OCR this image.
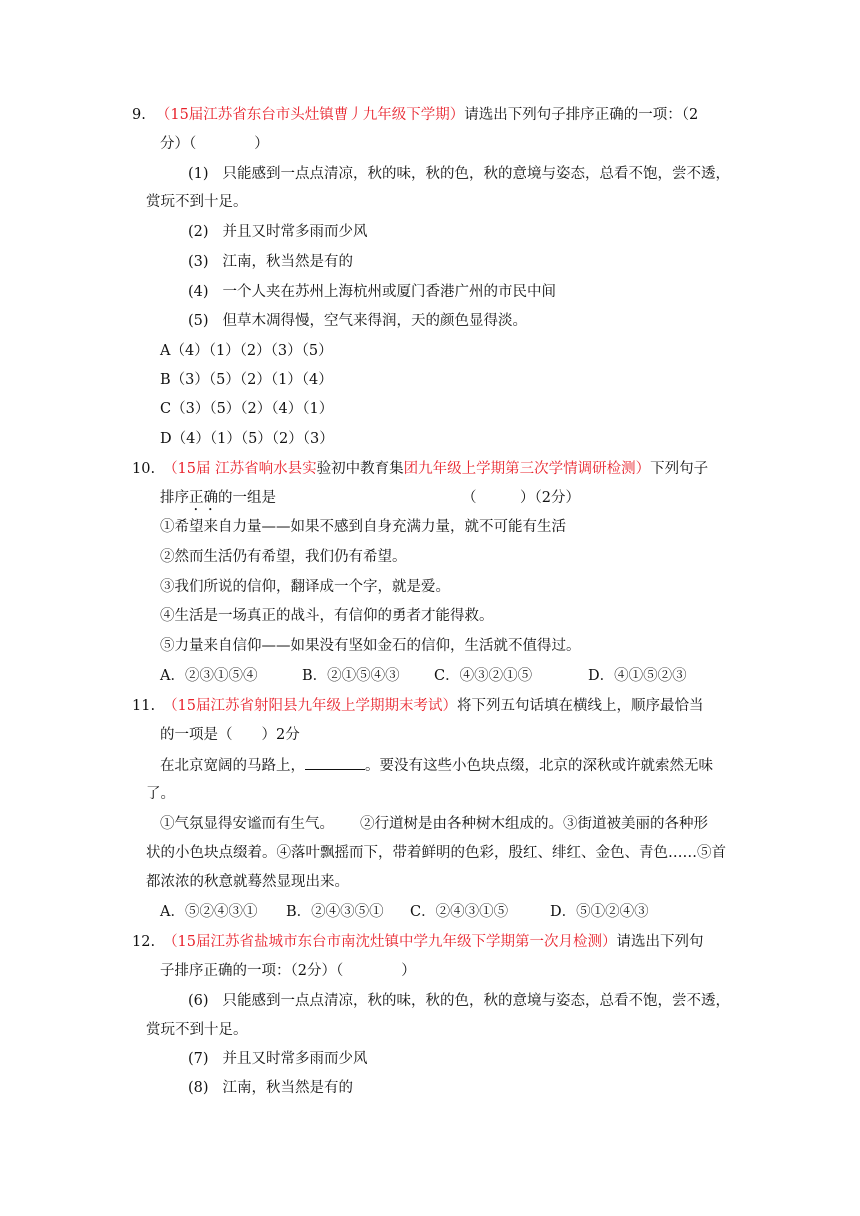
9. （15届江苏省东台市头灶镇曹丿九年级下学期）请选出下列句子排序正确的一项：（2
分）（　　　　）
(1) 只能感到一点点清凉，秋的味，秋的色，秋的意境与姿态，总看不饱，尝不透，
赏玩不到十足。
(2) 并且又时常多雨而少风
(3) 江南，秋当然是有的
(4) 一个人夹在苏州上海杭州或厦门香港广州的市民中间
(5) 但草木凋得慢，空气来得润，天的颜色显得淡。
A（4）（1）（2）（3）（5）
B（3）（5）（2）（1）（4）
C（3）（5）（2）（4）（1）
D（4）（1）（5）（2）（3）
10. （15届 江苏省响水县实验初中教育集团九年级上学期第三次学情调研检测）下列句子
排序正确的一组是	（　　　）（2分）
①希望来自力量——如果不感到自身充满力量，就不可能有生活
②然而生活仍有希望，我们仍有希望。
③我们所说的信仰，翻译成一个字，就是爱。
④生活是一场真正的战斗，有信仰的勇者才能得救。
⑤力量来自信仰——如果没有坚如金石的信仰，生活就不值得过。
A．②③①⑤④	B．②①⑤④③ C．④③②①⑤	D．④①⑤②③
11. （15届江苏省射阳县九年级上学期期末考试）将下列五句话填在横线上，顺序最恰当
的一项是（　　）2分
在北京宽阔的马路上，	。要没有这些小色块点缀，北京的深秋或许就索然无味
了。
①气氛显得安谧而有生气。 ②行道树是由各种树木组成的。③街道被美丽的各种形
状的小色块点缀着。④落叶飘摇而下，带着鲜明的色彩，殷红、绯红、金色、青色……⑤首
都浓浓的秋意就蓦然显现出来。
A．⑤②④③① B．②④③⑤① C．②④③①⑤	D．⑤①②④③
12. （15届江苏省盐城市东台市南沈灶镇中学九年级下学期第一次月检测）请选出下列句
子排序正确的一项：（2分）（　　　　）
(6) 只能感到一点点清凉，秋的味，秋的色，秋的意境与姿态，总看不饱，尝不透，
赏玩不到十足。
(7) 并且又时常多雨而少风
(8) 江南，秋当然是有的
